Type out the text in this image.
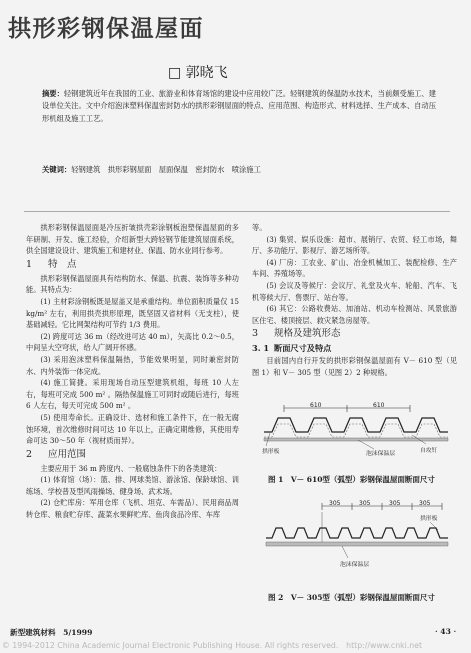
拱形彩钢保温屋面
□ 郭晓飞
摘要：轻钢建筑近年在我国的工业、旅游业和体育场馆的建设中应用较广泛。轻钢建筑的保温防水技术，当前颇受施工、建设单位关注。文中介绍泡沫塑料保温密封防水的拱形彩钢屋面的特点、应用范围、构造形式、材料选择、生产成本、自动压形机组及施工工艺。
关键词：轻钢建筑　拱形彩钢屋面　屋面保温　密封防水　喷涂施工

拱形彩钢保温屋面是冷压折皱拱壳彩涂钢板泡塑保温屋面的多年研制、开发、施工经验，介绍新型大跨轻钢节能建筑屋面系统，供全国建设设计、建筑施工和建材业、保温、防水业同行参考。

1 特　点

拱形彩钢保温屋面具有结构防水、保温、抗震、装饰等多种功能。其特点为：

(1) 主材彩涂钢板既是屋盖又是承重结构。单位面积质量仅 15 kg/m² 左右，利用拱壳拱形原理，既坚固又省材料（无支柱），使基础减轻。它比网架结构可节约 1/3 费用。

(2) 跨度可达 36 m（经改进可达 40 m），矢高比 0.2～0.5，中间呈大空穹状，给人广阔开怀感。

(3) 采用泡沫塑料保温隔热，节能效果明显，同时兼密封防水、内外装饰一体完成。

(4) 施工简捷。采用现场自动压型建筑机组，每班 10 人左右，每班可完成 500 m² 。隔热保温施工可同时或随后进行，每班 6 人左右，每天可完成 500 m² 。

(5) 使用寿命长。正确设计、选材和施工条件下，在一般无腐蚀环境，首次维修时间可达 10 年以上，正确定期维修，其使用寿命可达 30～50 年（视材质而异）。

2 应用范围

主要应用于 36 m 跨度内、一般腐蚀条件下的各类建筑：

(1) 体育馆（场）：篮、排、网球类馆、游泳馆、保龄球馆、训练场、学校普及型风雨操场、健身场、武术场。

(2) 仓贮库房：军用仓库（飞机、坦克、车需品）、民用商品周转仓库、粮食贮存库、蔬菜水果鲜贮库、鱼肉食品冷库、车库

等。

(3) 集贸、娱乐设施：超市、展销厅、农贸、轻工市场，舞厅、多功能厅、影视厅、游艺场所等。

(4) 厂房：工农业、矿山、冶金机械加工、装配检修、生产车间、养殖场等。

(5) 会议及等候厅：会议厅、礼堂及火车、轮船、汽车、飞机等候大厅、售票厅、站台等。

(6) 其它：公路收费站、加油站、机动车检测站、风景旅游区住宅、楼顶接层、救灾紧急房屋等。

3 规格及建筑形态

3. 1 断面尺寸及特点

目前国内自行开发的拱形彩钢保温屋面有 V－ 610 型（见图 1）和 V－ 305 型（见图 2）2 种规格。

610	610
泡沫保温层
拱形板	自攻钉
图 1　V－ 610型（弧型）彩钢保温屋面断面尺寸
305	305	305	305
拱形板
泡沫保温层
图 2　V－ 305型（弧型）彩钢保温屋面断面尺寸
新型建筑材料　5/1999	· 43 ·
© 1994-2012 China Academic Journal Electronic Publishing House. All rights reserved.　http://www.cnki.net
